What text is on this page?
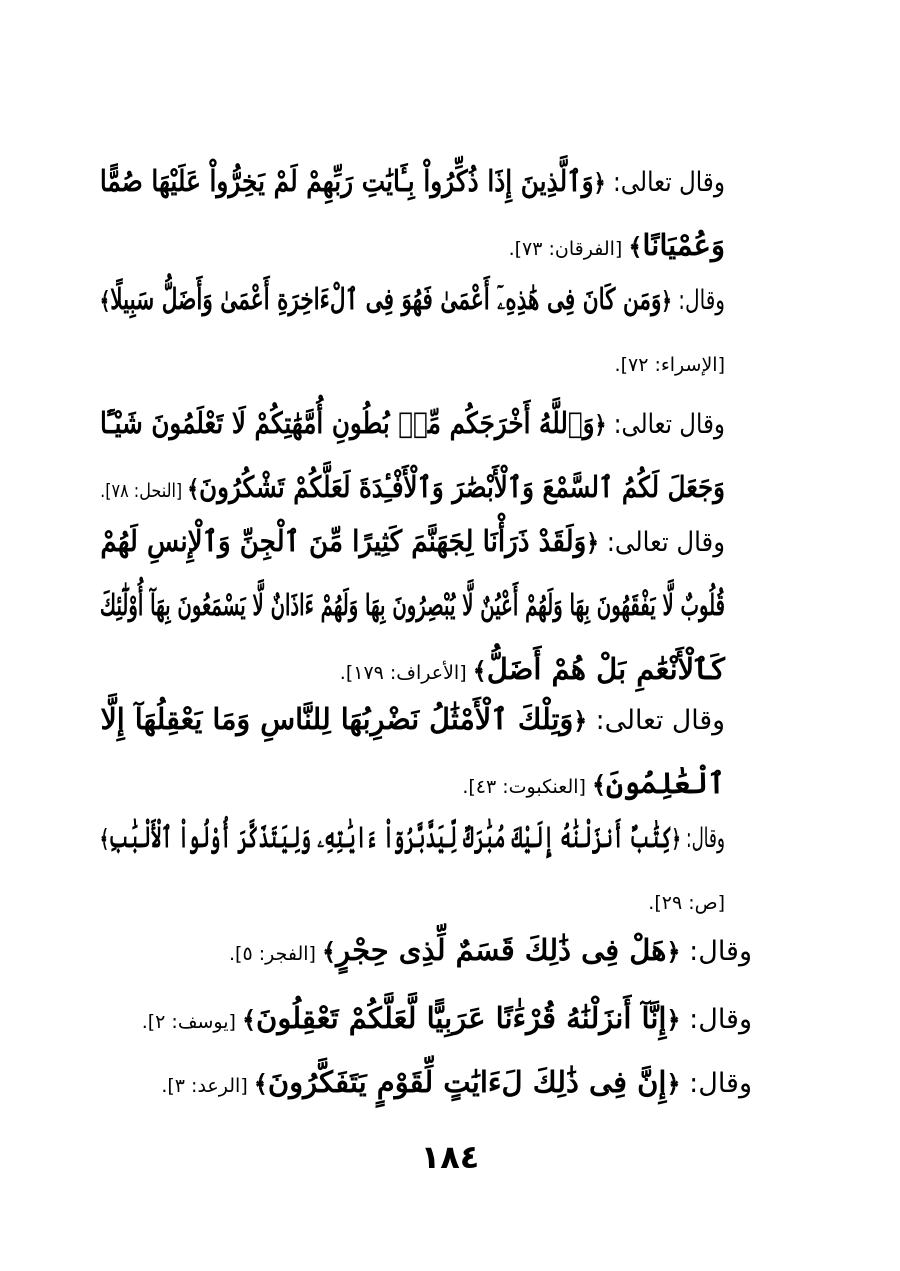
وقال تعالى: ﴿وَٱلَّذِينَ إِذَا ذُكِّرُواْ بِـَٔايَٰتِ رَبِّهِمْ لَمْ يَخِرُّواْ عَلَيْهَا صُمًّا
وَعُمْيَانًا﴾ [الفرقان: ٧٣].
وقال: ﴿وَمَن كَانَ فِى هَٰذِهِۦٓ أَعْمَىٰ فَهُوَ فِى ٱلْءَاخِرَةِ أَعْمَىٰ وَأَضَلُّ سَبِيلًا﴾
[الإسراء: ٧٢].
وقال تعالى: ﴿وَٱللَّهُ أَخْرَجَكُم مِّنۢ بُطُونِ أُمَّهَٰتِكُمْ لَا تَعْلَمُونَ شَيْـًٔا
وَجَعَلَ لَكُمُ ٱلسَّمْعَ وَٱلْأَبْصَٰرَ وَٱلْأَفْـِٔدَةَ لَعَلَّكُمْ تَشْكُرُونَ﴾ [النحل: ٧٨].
وقال تعالى: ﴿وَلَقَدْ ذَرَأْنَا لِجَهَنَّمَ كَثِيرًا مِّنَ ٱلْجِنِّ وَٱلْإِنسِ لَهُمْ
قُلُوبٌ لَّا يَفْقَهُونَ بِهَا وَلَهُمْ أَعْيُنٌ لَّا يُبْصِرُونَ بِهَا وَلَهُمْ ءَاذَانٌ لَّا يَسْمَعُونَ بِهَآ أُوْلَٰٓئِكَ
كَٱلْأَنْعَٰمِ بَلْ هُمْ أَضَلُّ﴾ [الأعراف: ١٧٩].
وقال تعالى: ﴿وَتِلْكَ ٱلْأَمْثَٰلُ نَضْرِبُهَا لِلنَّاسِ وَمَا يَعْقِلُهَآ إِلَّا
ٱلْعَٰلِمُونَ﴾ [العنكبوت: ٤٣].
وقال: ﴿كِتَٰبٌ أَنزَلْنَٰهُ إِلَيْكَ مُبَٰرَكٌ لِّيَدَّبَّرُوٓاْ ءَايَٰتِهِۦ وَلِيَتَذَكَّرَ أُوْلُواْ ٱلْأَلْبَٰبِ﴾
[ص: ٢٩].
وقال: ﴿هَلْ فِى ذَٰلِكَ قَسَمٌ لِّذِى حِجْرٍ﴾ [الفجر: ٥].
وقال: ﴿إِنَّآ أَنزَلْنَٰهُ قُرْءَٰنًا عَرَبِيًّا لَّعَلَّكُمْ تَعْقِلُونَ﴾ [يوسف: ٢].
وقال: ﴿إِنَّ فِى ذَٰلِكَ لَءَايَٰتٍ لِّقَوْمٍ يَتَفَكَّرُونَ﴾ [الرعد: ٣].
١٨٤
